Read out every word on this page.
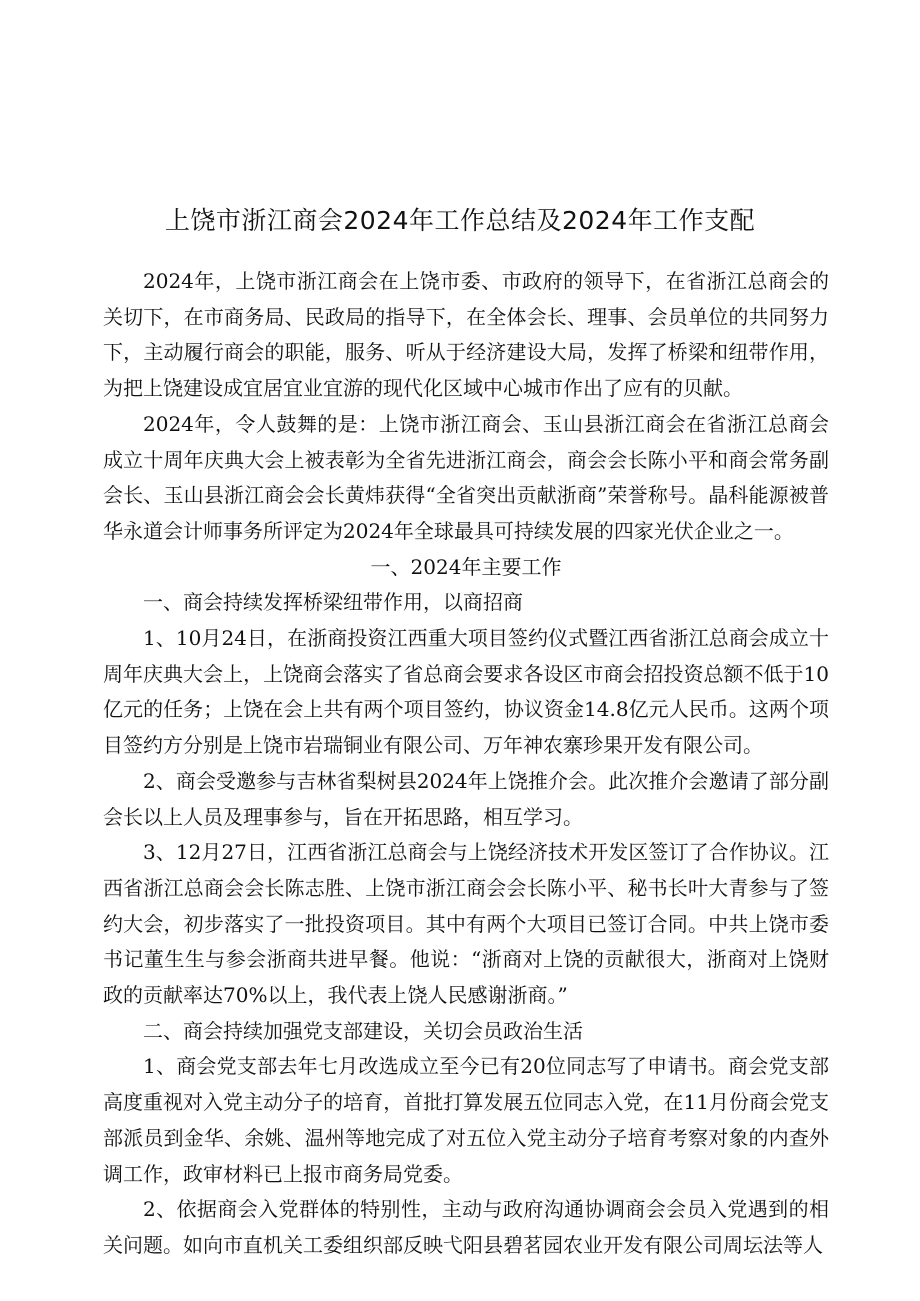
上饶市浙江商会2024年工作总结及2024年工作支配

2024年，上饶市浙江商会在上饶市委、市政府的领导下，在省浙江总商会的关切下，在市商务局、民政局的指导下，在全体会长、理事、会员单位的共同努力下，主动履行商会的职能，服务、听从于经济建设大局，发挥了桥梁和纽带作用，为把上饶建设成宜居宜业宜游的现代化区域中心城市作出了应有的贝献。

2024年，令人鼓舞的是：上饶市浙江商会、玉山县浙江商会在省浙江总商会成立十周年庆典大会上被表彰为全省先进浙江商会，商会会长陈小平和商会常务副会长、玉山县浙江商会会长黄炜获得“全省突出贡献浙商”荣誉称号。晶科能源被普华永道会计师事务所评定为2024年全球最具可持续发展的四家光伏企业之一。

一、2024年主要工作

一、商会持续发挥桥梁纽带作用，以商招商

1、10月24日，在浙商投资江西重大项目签约仪式暨江西省浙江总商会成立十周年庆典大会上，上饶商会落实了省总商会要求各设区市商会招投资总额不低于10亿元的任务；上饶在会上共有两个项目签约，协议资金14.8亿元人民币。这两个项目签约方分别是上饶市岩瑞铜业有限公司、万年神农寨珍果开发有限公司。

2、商会受邀参与吉林省梨树县2024年上饶推介会。此次推介会邀请了部分副会长以上人员及理事参与，旨在开拓思路，相互学习。

3、12月27日，江西省浙江总商会与上饶经济技术开发区签订了合作协议。江西省浙江总商会会长陈志胜、上饶市浙江商会会长陈小平、秘书长叶大青参与了签约大会，初步落实了一批投资项目。其中有两个大项目已签订合同。中共上饶市委书记董生生与参会浙商共进早餐。他说：“浙商对上饶的贡献很大，浙商对上饶财政的贡献率达70%以上，我代表上饶人民感谢浙商。”

二、商会持续加强党支部建设，关切会员政治生活

1、商会党支部去年七月改选成立至今已有20位同志写了申请书。商会党支部高度重视对入党主动分子的培育，首批打算发展五位同志入党，在11月份商会党支部派员到金华、余姚、温州等地完成了对五位入党主动分子培育考察对象的内查外调工作，政审材料已上报市商务局党委。

2、依据商会入党群体的特别性，主动与政府沟通协调商会会员入党遇到的相关问题。如向市直机关工委组织部反映弋阳县碧茗园农业开发有限公司周坛法等人
